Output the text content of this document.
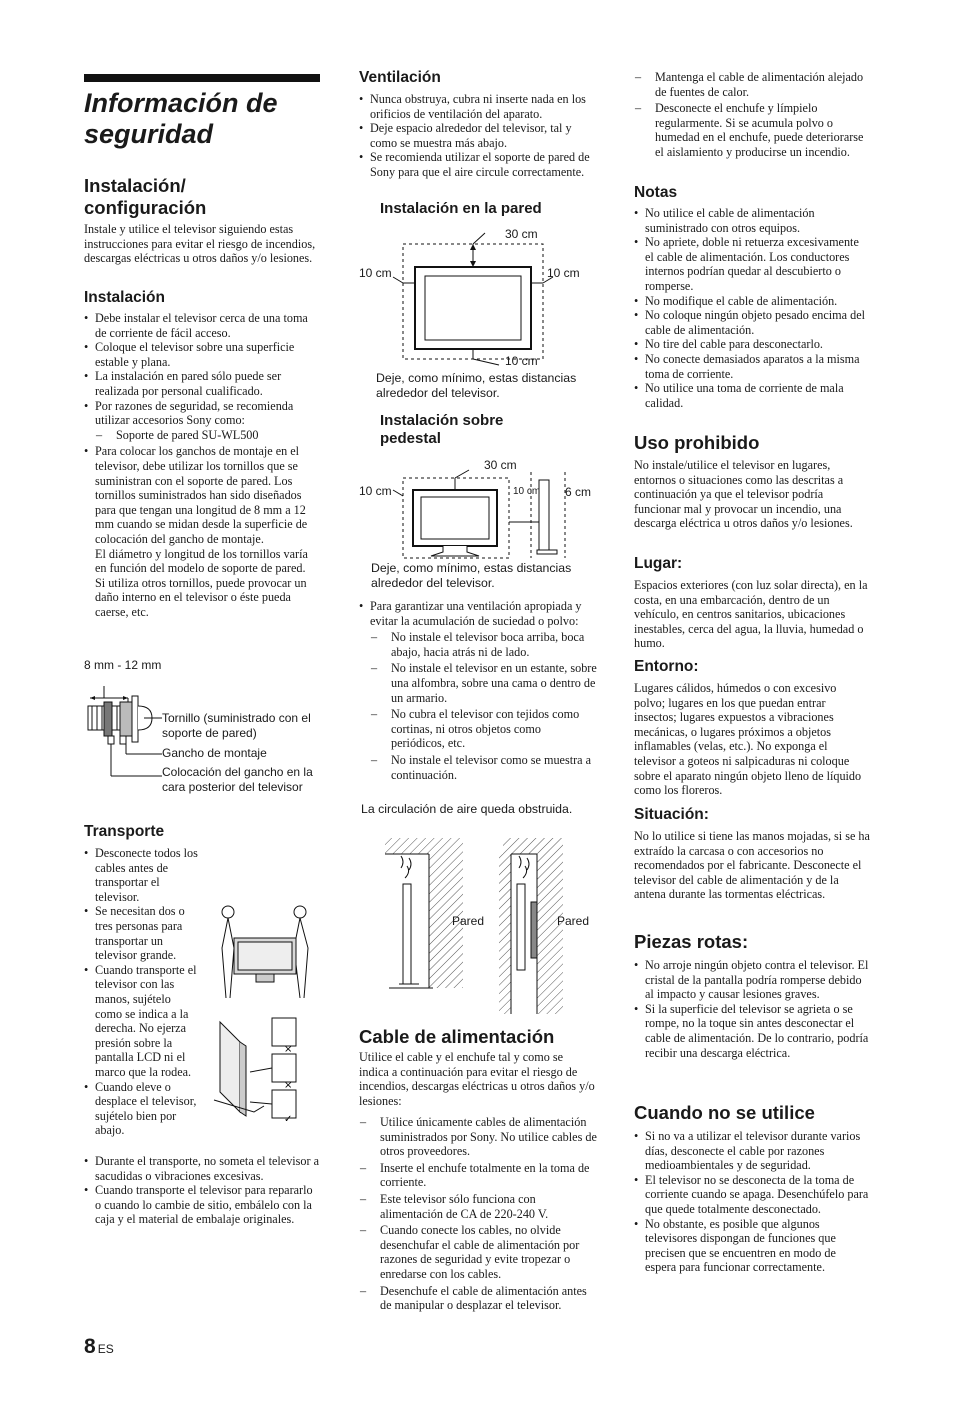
Información de seguridad
Instalación/ configuración

Instale y utilice el televisor siguiendo estas instrucciones para evitar el riesgo de incendios, descargas eléctricas u otros daños y/o lesiones.

Instalación
• Debe instalar el televisor cerca de una toma de corriente de fácil acceso.
• Coloque el televisor sobre una superficie estable y plana.
• La instalación en pared sólo puede ser realizada por personal cualificado.
• Por razones de seguridad, se recomienda utilizar accesorios Sony como:
– Soporte de pared SU-WL500
• Para colocar los ganchos de montaje en el televisor, debe utilizar los tornillos que se suministran con el soporte de pared. Los tornillos suministrados han sido diseñados para que tengan una longitud de 8 mm a 12 mm cuando se midan desde la superficie de colocación del gancho de montaje.
El diámetro y longitud de los tornillos varía en función del modelo de soporte de pared.
Si utiliza otros tornillos, puede provocar un daño interno en el televisor o éste pueda caerse, etc.
8 mm - 12 mm
Tornillo (suministrado con el soporte de pared)
Gancho de montaje
Colocación del gancho en la cara posterior del televisor
Transporte
• Desconecte todos los cables antes de transportar el televisor.
• Se necesitan dos o tres personas para transportar un televisor grande.
• Cuando transporte el televisor con las manos, sujételo como se indica a la derecha. No ejerza presión sobre la pantalla LCD ni el marco que la rodea.
• Cuando eleve o desplace el televisor, sujételo bien por abajo.
• Durante el transporte, no someta el televisor a sacudidas o vibraciones excesivas.
• Cuando transporte el televisor para repararlo o cuando lo cambie de sitio, embálelo con la caja y el material de embalaje originales.
×
×
✓
8 ES
Ventilación
• Nunca obstruya, cubra ni inserte nada en los orificios de ventilación del aparato.
• Deje espacio alrededor del televisor, tal y como se muestra más abajo.
• Se recomienda utilizar el soporte de pared de Sony para que el aire circule correctamente.
Instalación en la pared
30 cm
10 cm	10 cm
10 cm
Deje, como mínimo, estas distancias alrededor del televisor.
Instalación sobre pedestal
30 cm
10 cm	10 cm 6 cm
Deje, como mínimo, estas distancias alrededor del televisor.
• Para garantizar una ventilación apropiada y evitar la acumulación de suciedad o polvo:
– No instale el televisor boca arriba, boca abajo, hacia atrás ni de lado.
– No instale el televisor en un estante, sobre una alfombra, sobre una cama o dentro de un armario.
– No cubra el televisor con tejidos como cortinas, ni otros objetos como periódicos, etc.
– No instale el televisor como se muestra a continuación.
La circulación de aire queda obstruida.
Pared	Pared
Cable de alimentación

Utilice el cable y el enchufe tal y como se indica a continuación para evitar el riesgo de incendios, descargas eléctricas u otros daños y/o lesiones:

– Utilice únicamente cables de alimentación suministrados por Sony. No utilice cables de otros proveedores.
– Inserte el enchufe totalmente en la toma de corriente.
– Este televisor sólo funciona con alimentación de CA de 220-240 V.
– Cuando conecte los cables, no olvide desenchufar el cable de alimentación por razones de seguridad y evite tropezar o enredarse con los cables.
– Desenchufe el cable de alimentación antes de manipular o desplazar el televisor.
– Mantenga el cable de alimentación alejado de fuentes de calor.
– Desconecte el enchufe y límpielo regularmente. Si se acumula polvo o humedad en el enchufe, puede deteriorarse el aislamiento y producirse un incendio.
Notas
• No utilice el cable de alimentación suministrado con otros equipos.
• No apriete, doble ni retuerza excesivamente el cable de alimentación. Los conductores internos podrían quedar al descubierto o romperse.
• No modifique el cable de alimentación.
• No coloque ningún objeto pesado encima del cable de alimentación.
• No tire del cable para desconectarlo.
• No conecte demasiados aparatos a la misma toma de corriente.
• No utilice una toma de corriente de mala calidad.
Uso prohibido

No instale/utilice el televisor en lugares, entornos o situaciones como las descritas a continuación ya que el televisor podría funcionar mal y provocar un incendio, una descarga eléctrica u otros daños y/o lesiones.

Lugar:

Espacios exteriores (con luz solar directa), en la costa, en una embarcación, dentro de un vehículo, en centros sanitarios, ubicaciones inestables, cerca del agua, la lluvia, humedad o humo.

Entorno:

Lugares cálidos, húmedos o con excesivo polvo; lugares en los que puedan entrar insectos; lugares expuestos a vibraciones mecánicas, o lugares próximos a objetos inflamables (velas, etc.). No exponga el televisor a goteos ni salpicaduras ni coloque sobre el aparato ningún objeto lleno de líquido como los floreros.

Situación:

No lo utilice si tiene las manos mojadas, si se ha extraído la carcasa o con accesorios no recomendados por el fabricante. Desconecte el televisor del cable de alimentación y de la antena durante las tormentas eléctricas.

Piezas rotas:
• No arroje ningún objeto contra el televisor. El cristal de la pantalla podría romperse debido al impacto y causar lesiones graves.
• Si la superficie del televisor se agrieta o se rompe, no la toque sin antes desconectar el cable de alimentación. De lo contrario, podría recibir una descarga eléctrica.
Cuando no se utilice
• Si no va a utilizar el televisor durante varios días, desconecte el cable por razones medioambientales y de seguridad.
• El televisor no se desconecta de la toma de corriente cuando se apaga. Desenchúfelo para que quede totalmente desconectado.
• No obstante, es posible que algunos televisores dispongan de funciones que precisen que se encuentren en modo de espera para funcionar correctamente.
